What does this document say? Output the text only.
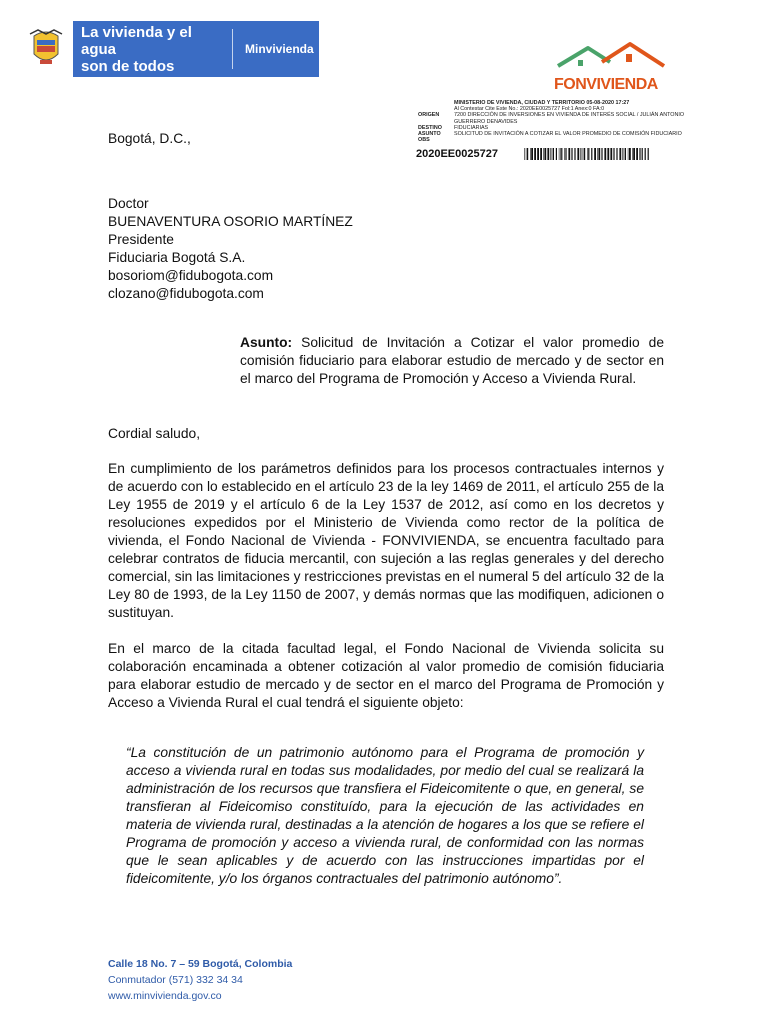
La vivienda y el agua
son de todos
Minvivienda
FONVIVIENDA
MINISTERIO DE VIVIENDA, CIUDAD Y TERRITORIO 05-08-2020 17:27
Al Contestar Cite Este No.: 2020EE0025727 Fol:1 Anex:0 FA:0
ORIGEN	7200 DIRECCIÓN DE INVERSIONES EN VIVIENDA DE INTERÉS SOCIAL / JULIÁN ANTONIO GUERRERO DENAVIDES
DESTINO	FIDUCIARIAS
ASUNTO	SOLICITUD DE INVITACIÓN A COTIZAR EL VALOR PROMEDIO DE COMISIÓN FIDUCIARIO
OBS
2020EE0025727
Bogotá, D.C.,
Doctor
BUENAVENTURA OSORIO MARTÍNEZ
Presidente
Fiduciaria Bogotá S.A.
bosoriom@fidubogota.com
clozano@fidubogota.com
Asunto: Solicitud de Invitación a Cotizar el valor promedio de comisión fiduciario para elaborar estudio de mercado y de sector en el marco del Programa de Promoción y Acceso a Vivienda Rural.
Cordial saludo,
En cumplimiento de los parámetros definidos para los procesos contractuales internos y de acuerdo con lo establecido en el artículo 23 de la ley 1469 de 2011, el artículo 255 de la Ley 1955 de 2019 y el artículo 6 de la Ley 1537 de 2012, así como en los decretos y resoluciones expedidos por el Ministerio de Vivienda como rector de la política de vivienda, el Fondo Nacional de Vivienda - FONVIVIENDA, se encuentra facultado para celebrar contratos de fiducia mercantil, con sujeción a las reglas generales y del derecho comercial, sin las limitaciones y restricciones previstas en el numeral 5 del artículo 32 de la Ley 80 de 1993, de la Ley 1150 de 2007, y demás normas que las modifiquen, adicionen o sustituyan.
En el marco de la citada facultad legal, el Fondo Nacional de Vivienda solicita su colaboración encaminada a obtener cotización al valor promedio de comisión fiduciaria para elaborar estudio de mercado y de sector en el marco del Programa de Promoción y Acceso a Vivienda Rural el cual tendrá el siguiente objeto:
“La constitución de un patrimonio autónomo para el Programa de promoción y acceso a vivienda rural en todas sus modalidades, por medio del cual se realizará la administración de los recursos que transfiera el Fideicomitente o que, en general, se transfieran al Fideicomiso constituído, para la ejecución de las actividades en materia de vivienda rural, destinadas a la atención de hogares a los que se refiere el Programa de promoción y acceso a vivienda rural, de conformidad con las normas que le sean aplicables y de acuerdo con las instrucciones impartidas por el fideicomitente, y/o los órganos contractuales del patrimonio autónomo”.
Calle 18 No. 7 – 59 Bogotá, Colombia
Conmutador (571) 332 34 34
www.minvivienda.gov.co
